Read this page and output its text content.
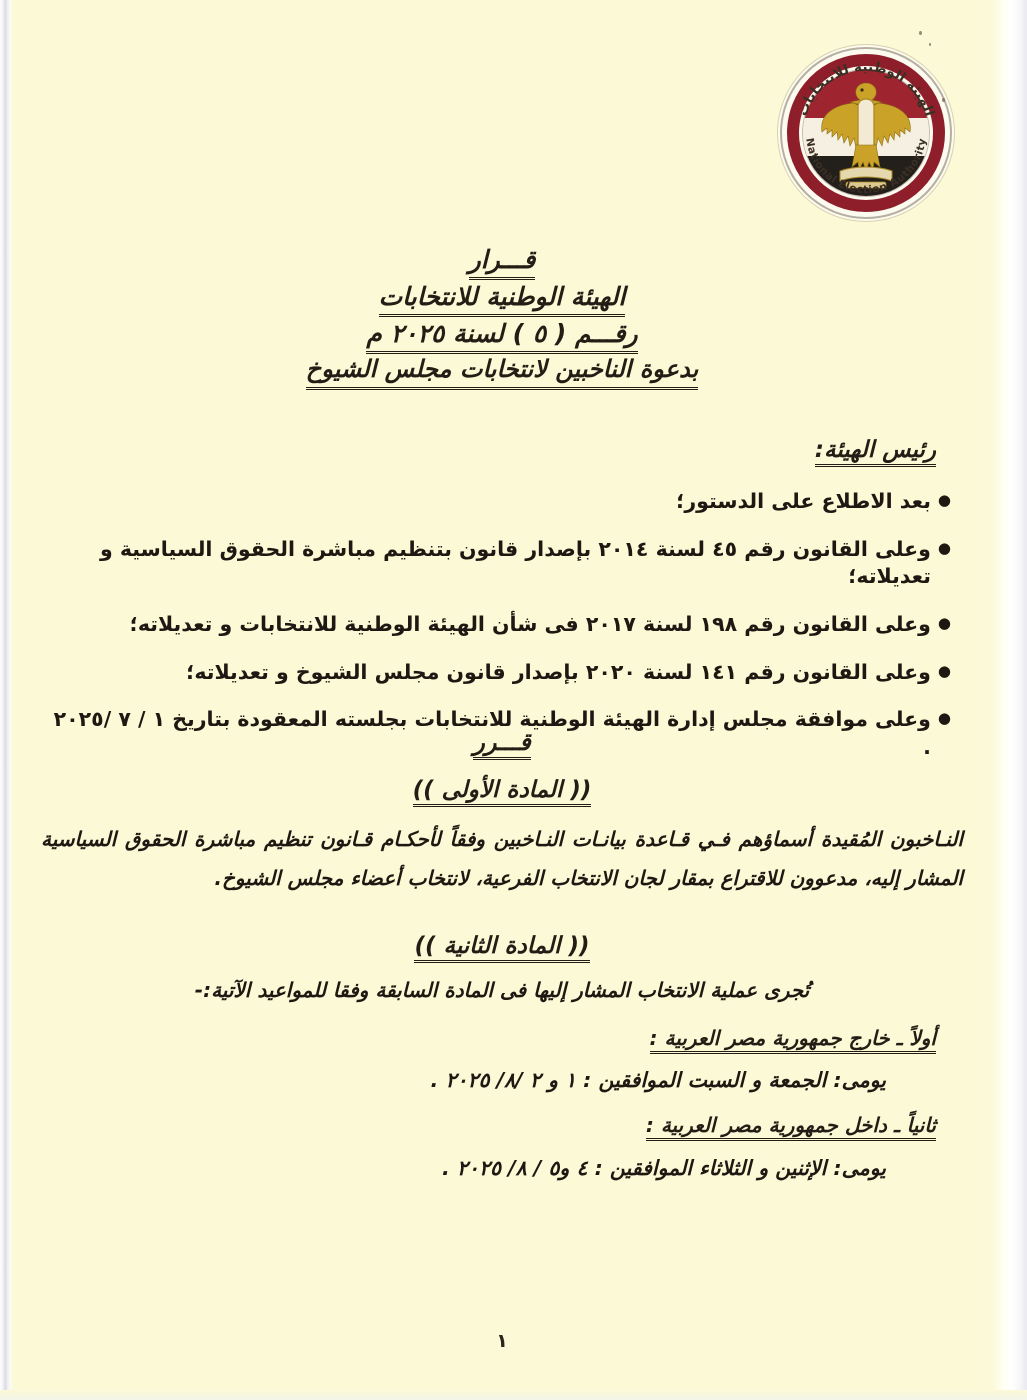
الهيئة الوطنية للانتخابات
National Election Authority
قـــرار
الهيئة الوطنية للانتخابات
رقـــم ( ٥ ) لسنة ٢٠٢٥ م
بدعوة الناخبين لانتخابات مجلس الشيوخ
رئيس الهيئة:
●
بعد الاطلاع على الدستور؛
●
وعلى القانون رقم ٤٥ لسنة ٢٠١٤ بإصدار قانون بتنظيم مباشرة الحقوق السياسية و تعديلاته؛
●
وعلى القانون رقم ١٩٨ لسنة ٢٠١٧ فى شأن الهيئة الوطنية للانتخابات و تعديلاته؛
●
وعلى القانون رقم ١٤١ لسنة ٢٠٢٠ بإصدار قانون مجلس الشيوخ و تعديلاته؛
●
وعلى موافقة مجلس إدارة الهيئة الوطنية للانتخابات بجلسته المعقودة بتاريخ ١ / ٧ /٢٠٢٥ .
قـــرر
(( المادة الأولى ))
النـاخبون المُقيدة أسماؤهم فـي قـاعدة بيانـات النـاخبين وفقاً لأحكـام قـانون تنظيم مباشرة الحقوق السياسية المشار إليه، مدعوون للاقتراع بمقار لجان الانتخاب الفرعية، لانتخاب أعضاء مجلس الشيوخ.
(( المادة الثانية ))
تُجرى عملية الانتخاب المشار إليها فى المادة السابقة وفقا للمواعيد الآتية:-
أولاً ـ خارج جمهورية مصر العربية :
يومى: الجمعة و السبت الموافقين : ١ و ٢ /٨/ ٢٠٢٥ .
ثانياً ـ داخل جمهورية مصر العربية :
يومى: الإثنين و الثلاثاء الموافقين : ٤ و٥ / ٨/ ٢٠٢٥ .
١
